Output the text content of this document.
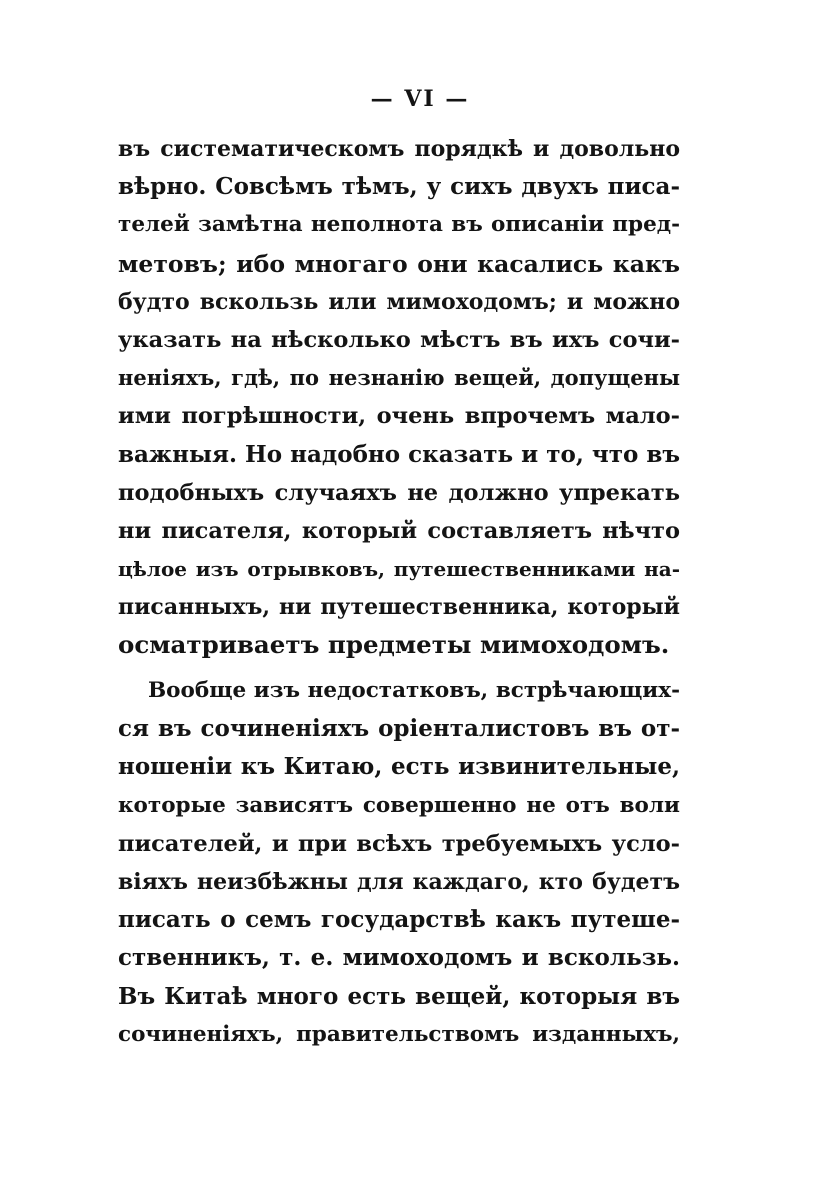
— VI —
въ систематическомъ порядкѣ и довольно
вѣрно. Совсѣмъ тѣмъ, у сихъ двухъ писа-
телей замѣтна неполнота въ описаніи пред-
метовъ; ибо многаго они касались какъ
будто вскользь или мимоходомъ; и можно
указать на нѣсколько мѣстъ въ ихъ сочи-
неніяхъ, гдѣ, по незнанію вещей, допущены
ими погрѣшности, очень впрочемъ мало-
важныя. Но надобно сказать и то, что въ
подобныхъ случаяхъ не должно упрекать
ни писателя, который составляетъ нѣчто
цѣлое изъ отрывковъ, путешественниками на-
писанныхъ, ни путешественника, который
осматриваетъ предметы мимоходомъ.
Вообще изъ недостатковъ, встрѣчающих-
ся въ сочиненіяхъ оріенталистовъ въ от-
ношеніи къ Китаю, есть извинительные,
которые зависятъ совершенно не отъ воли
писателей, и при всѣхъ требуемыхъ усло-
віяхъ неизбѣжны для каждаго, кто будетъ
писать о семъ государствѣ какъ путеше-
ственникъ, т. е. мимоходомъ и вскользь.
Въ Китаѣ много есть вещей, которыя въ
сочиненіяхъ, правительствомъ изданныхъ,
